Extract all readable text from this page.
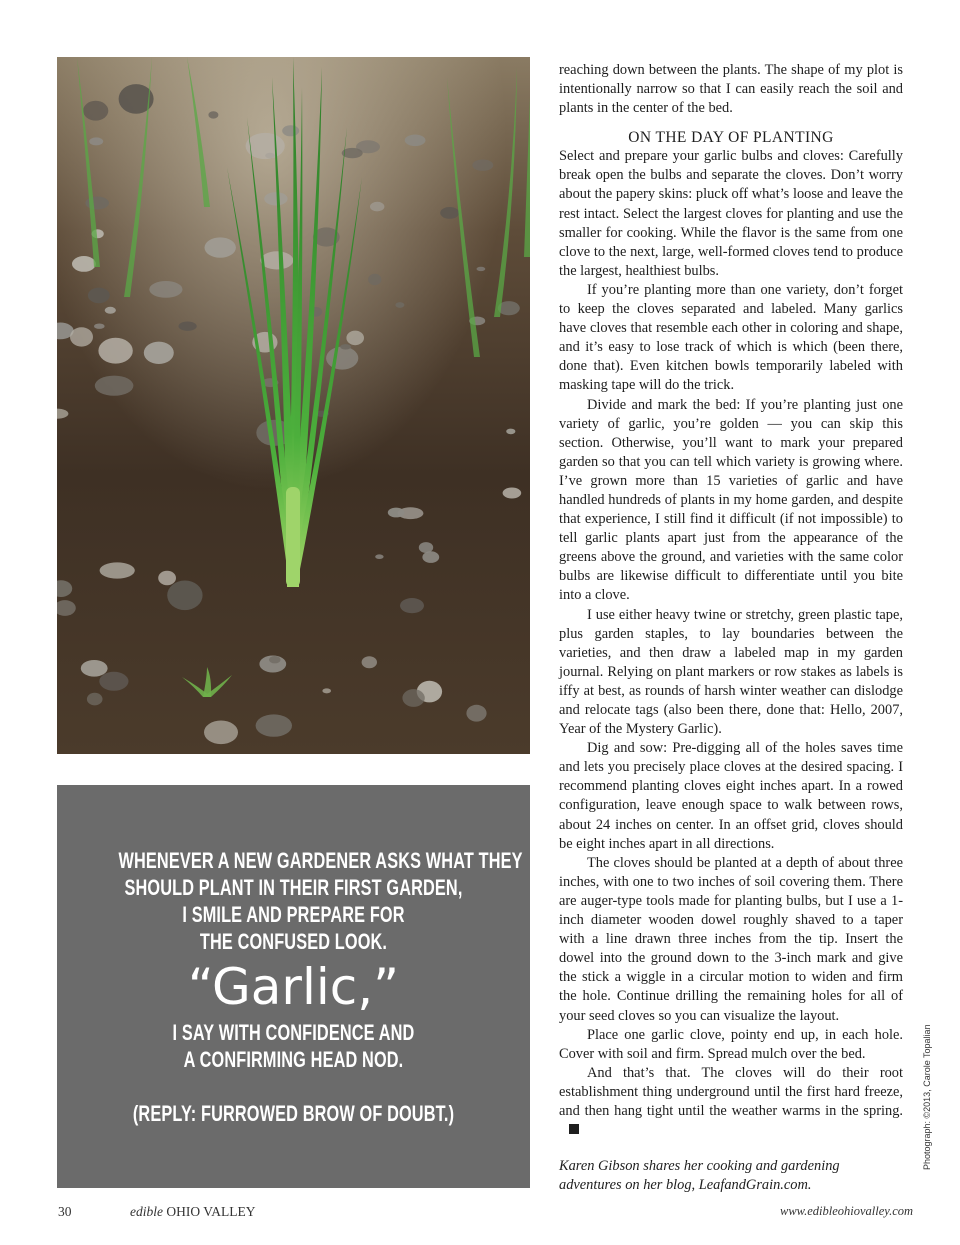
WHENEVER A NEW GARDENER ASKS WHAT THEY
SHOULD PLANT IN THEIR FIRST GARDEN,
I SMILE AND PREPARE FOR
THE CONFUSED LOOK.
“Garlic,”
I SAY WITH CONFIDENCE AND
A CONFIRMING HEAD NOD.
(REPLY: FURROWED BROW OF DOUBT.)

reaching down between the plants. The shape of my plot is intentionally narrow so that I can easily reach the soil and plants in the center of the bed.

ON THE DAY OF PLANTING

Select and prepare your garlic bulbs and cloves: Carefully break open the bulbs and separate the cloves. Don’t worry about the papery skins: pluck off what’s loose and leave the rest intact. Select the largest cloves for planting and use the smaller for cooking. While the flavor is the same from one clove to the next, large, well-formed cloves tend to produce the largest, healthiest bulbs.

If you’re planting more than one variety, don’t forget to keep the cloves separated and labeled. Many garlics have cloves that resemble each other in coloring and shape, and it’s easy to lose track of which is which (been there, done that). Even kitchen bowls temporarily labeled with masking tape will do the trick.

Divide and mark the bed: If you’re planting just one variety of garlic, you’re golden — you can skip this section. Otherwise, you’ll want to mark your prepared garden so that you can tell which variety is growing where. I’ve grown more than 15 varieties of garlic and have handled hundreds of plants in my home garden, and despite that experience, I still find it difficult (if not impossible) to tell garlic plants apart just from the appearance of the greens above the ground, and varieties with the same color bulbs are likewise difficult to differentiate until you bite into a clove.

I use either heavy twine or stretchy, green plastic tape, plus garden staples, to lay boundaries between the varieties, and then draw a labeled map in my garden journal. Relying on plant markers or row stakes as labels is iffy at best, as rounds of harsh winter weather can dislodge and relocate tags (also been there, done that: Hello, 2007, Year of the Mystery Garlic).

Dig and sow: Pre-digging all of the holes saves time and lets you precisely place cloves at the desired spacing. I recommend planting cloves eight inches apart. In a rowed configuration, leave enough space to walk between rows, about 24 inches on center. In an offset grid, cloves should be eight inches apart in all directions.

The cloves should be planted at a depth of about three inches, with one to two inches of soil covering them. There are auger-type tools made for planting bulbs, but I use a 1-inch diameter wooden dowel roughly shaved to a taper with a line drawn three inches from the tip. Insert the dowel into the ground down to the 3-inch mark and give the stick a wiggle in a circular motion to widen and firm the hole. Continue drilling the remaining holes for all of your seed cloves so you can visualize the layout.

Place one garlic clove, pointy end up, in each hole. Cover with soil and firm. Spread mulch over the bed.

And that’s that. The cloves will do their root establishment thing underground until the first hard freeze, and then hang tight until the weather warms in the spring.

Karen Gibson shares her cooking and gardening adventures on her blog, LeafandGrain.com.

Photograph: ©2013, Carole Topalian
30	edible OHIO VALLEY	www.edibleohiovalley.com
